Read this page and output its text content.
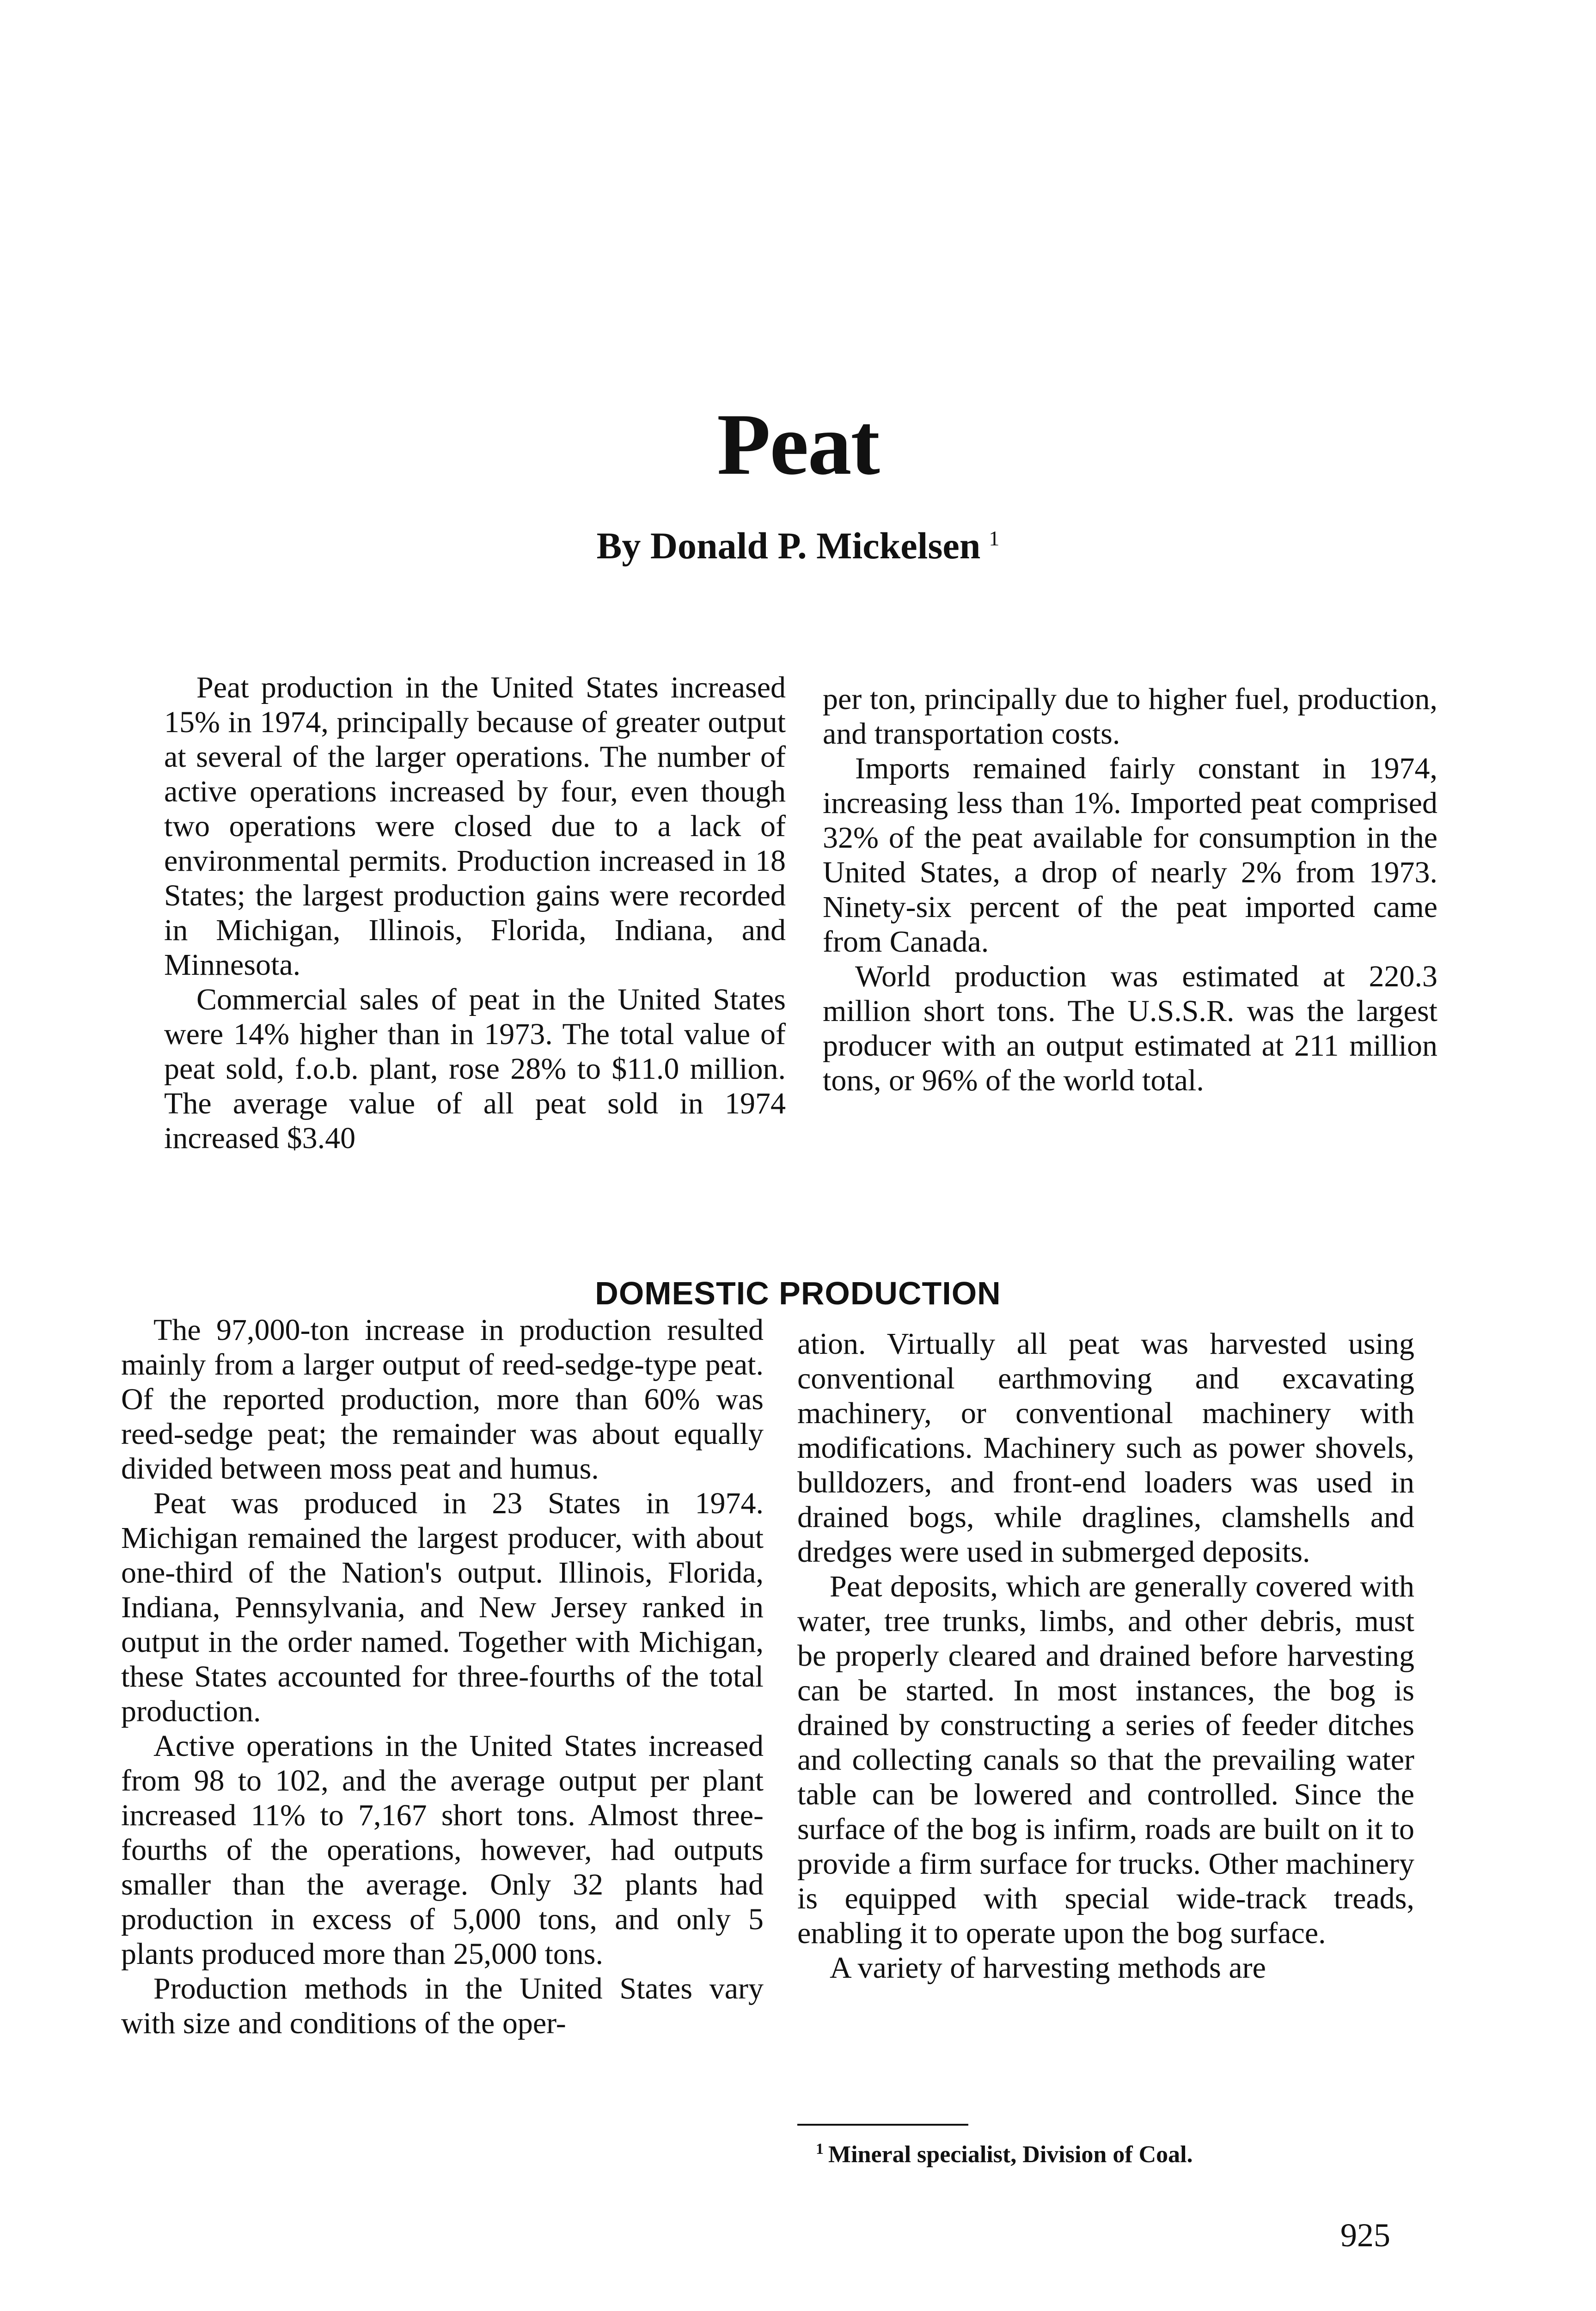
Peat
By Donald P. Mickelsen $^1$

Peat production in the United States increased 15% in 1974, principally because of greater output at several of the larger operations. The number of active operations increased by four, even though two operations were closed due to a lack of environmental permits. Production increased in 18 States; the largest production gains were recorded in Michigan, Illinois, Florida, Indiana, and Minnesota.

Commercial sales of peat in the United States were 14% higher than in 1973. The total value of peat sold, f.o.b. plant, rose 28% to $11.0 million. The average value of all peat sold in 1974 increased $3.40

per ton, principally due to higher fuel, production, and transportation costs.

Imports remained fairly constant in 1974, increasing less than 1%. Imported peat comprised 32% of the peat available for consumption in the United States, a drop of nearly 2% from 1973. Ninety-six percent of the peat imported came from Canada.

World production was estimated at 220.3 million short tons. The U.S.S.R. was the largest producer with an output estimated at 211 million tons, or 96% of the world total.

DOMESTIC PRODUCTION

The 97,000-ton increase in production resulted mainly from a larger output of reed-sedge-type peat. Of the reported production, more than 60% was reed-sedge peat; the remainder was about equally divided between moss peat and humus.

Peat was produced in 23 States in 1974. Michigan remained the largest producer, with about one-third of the Nation's output. Illinois, Florida, Indiana, Pennsylvania, and New Jersey ranked in output in the order named. Together with Michigan, these States accounted for three-fourths of the total production.

Active operations in the United States increased from 98 to 102, and the average output per plant increased 11% to 7,167 short tons. Almost three-fourths of the operations, however, had outputs smaller than the average. Only 32 plants had production in excess of 5,000 tons, and only 5 plants produced more than 25,000 tons.

Production methods in the United States vary with size and conditions of the oper-

ation. Virtually all peat was harvested using conventional earthmoving and excavating machinery, or conventional machinery with modifications. Machinery such as power shovels, bulldozers, and front-end loaders was used in drained bogs, while draglines, clamshells and dredges were used in submerged deposits.

Peat deposits, which are generally covered with water, tree trunks, limbs, and other debris, must be properly cleared and drained before harvesting can be started. In most instances, the bog is drained by constructing a series of feeder ditches and collecting canals so that the prevailing water table can be lowered and controlled. Since the surface of the bog is infirm, roads are built on it to provide a firm surface for trucks. Other machinery is equipped with special wide-track treads, enabling it to operate upon the bog surface.

A variety of harvesting methods are

$^1$ Mineral specialist, Division of Coal.
925
